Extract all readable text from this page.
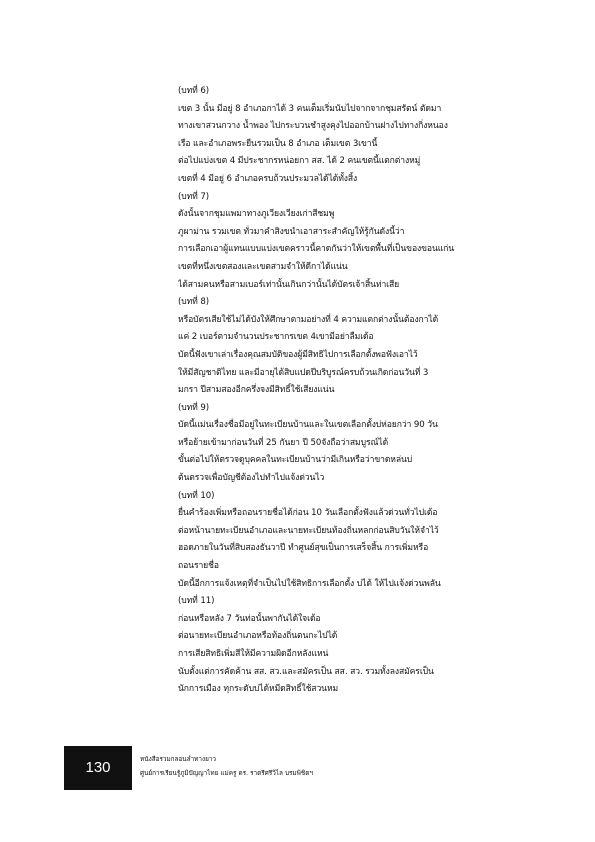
(บทที่ 6)
เขต 3 นั้น มีอยู่ 8 อำเภอกาได้ 3 คนเต็มเริ่มนับไปจากจากชุมสรัตน์ ตัดมา
ทางเขาสวนกวาง น้ำพอง ไปกระบวนชำสูงคุงไปออกบ้านฝางไปทางกิ่งหนอง
เรือ และอำเภอพระยืนรวมเป็น 8 อำเภอ เต็มเขต 3เขานี้
ต่อไปแบ่งเขต 4 มีประชากรหน่อยกา สส. ได้ 2 คนเขตนี้แตกต่างหมู่
เขตที่ 4 มีอยู่ 6 อำเภอครบถ้วนประมวลได้ได้ทั้งสิ้ง
(บทที่ 7)
ดังนั้นจากชุมแพมาทางภูเวียงเวียงเก่าสีชมพู
ภูผาม่าน รวมเขต ทั่วมาคำสิงขนำเอาสาระสำคัญให้รู้กันดังนี้ว่า
การเลือกเอาผู้แทนแบบแบ่งเขตคราวนี้คาดกันว่าให้เขตพื้นที่เป็นของขอนแก่น
เขตที่หนึ่งเขตสองและเขตสามจำให้ดีกาได้แน่น
ได้สามคนหรือสามเบอร์เท่านั้นเกินกว่านั้นได้บัตรเจ้าสิ้นท่าเสีย
(บทที่ 8)
หรือบัตรเสียใช้ไม่ได้บังให้ศึกษาตามอย่างที่ 4 ความแตกต่างนั้นต้องกาได้
แค่ 2 เบอร์ตามจำนวนประชากรเขต 4เขามีอย่าลืมเด้อ
บัดนี้ฟังเขาเล่าเรื่องคุณสมบัติของผู้มีสิทธิไปการเลือกตั้งพอฟังเอาไว้
ให้มีสัญชาติไทย และมีอายุได้สิบแปดปีบริบูรณ์ครบถ้วนเกิดก่อนวันที่ 3
มกรา ปีสามสองอีกครึ่งจงมีสิทธิ์ใช้เสียงแน่น
(บทที่ 9)
บัดนี้แม่นเรื่องชื่อมีอยู่ในทะเบียนบ้านและในเขตเลือกตั้งบ่ห่อยกว่า 90 วัน
หรือย้ายเข้ามาก่อนวันที่ 25 กันยา ปี 50จังถือว่าสมบูรณ์ได้
ขั้นต่อไปให้ตรวจดูบุคคลในทะเบียนบ้านว่ามีเกินหรือว่าขาดหล่นบ่
ต้นตรวจเพื่อบัญชีต้องไปทำไปแจ้งด่วนไว
(บทที่ 10)
ยื่นคำร้องเพิ่มหรือถอนรายชื่อได้ก่อน 10 วันเลือกตั้งฟังแล้วด่วนทั่วไปเด้อ
ต่อหน้านายทะเบียนอำเภอและนายทะเบียนท้องถิ่นหลกก่อนสิบวันให้จำไว้
ฮอดภายในวันที่สิบสองธันวาปี ทำศูนย์สุขเป็นการเสร็จสิ้น การเพิ่มหรือ
ถอนรายชื่อ
บัดนี้อีกการแจ้งเหตุที่จำเป็นไปใช้สิทธิการเลือกตั้ง บ่ได้ ให้ไปแจ้งด่วนพลัน
(บทที่ 11)
ก่อนหรือหลัง 7 วันท่อนั้นพากันได้ใจเด้อ
ต่อนายทะเบียนอำเภอหรือท้องถิ่นตนกะไปได้
การเสียสิทธิเพิ่มสีให้มีความผิดอีกหลังแหน่
นับตั้งแต่การคัดค้าน สส. สว.และสมัครเป็น สส. สว. รวมทั้งลงสมัครเป็น
นักการเมือง ทุกระดับบ่ได้หมีดสิทธิ์ใช้สวนหม
130	หนังสือรวมกลอนลำทางยาว
ศูนย์การเรียนรู้ภูมิปัญญาไทย แม่ครู ดร. ราตรีศรีวิไล บรมพิชิตฯ
